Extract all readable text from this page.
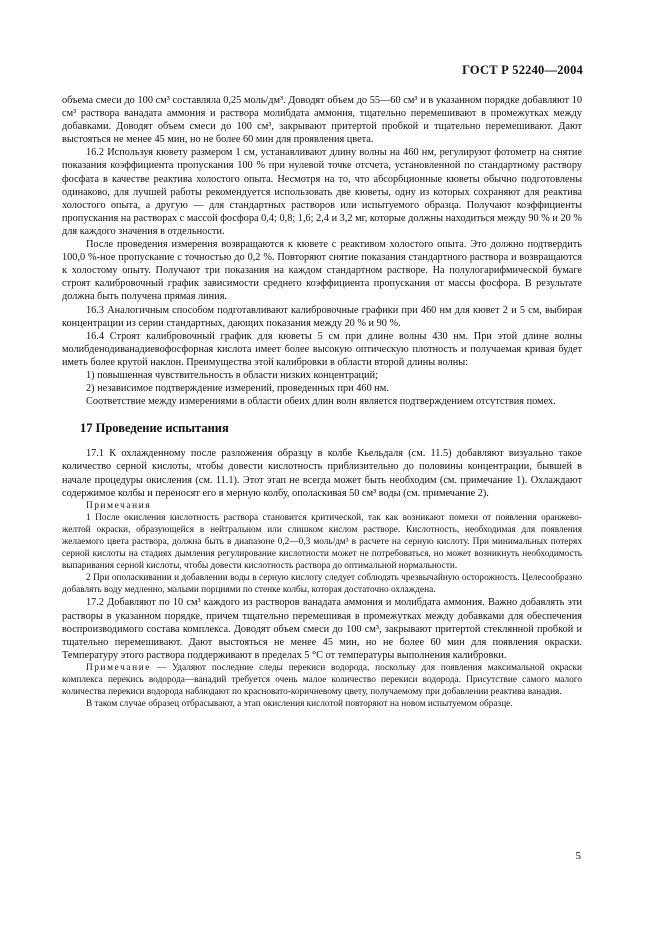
ГОСТ Р 52240—2004

объема смеси до 100 см³ составляла 0,25 моль/дм³. Доводят объем до 55—60 см³ и в указанном порядке добавляют 10 см³ раствора ванадата аммония и раствора молибдата аммония, тщательно перемешивают в промежутках между добавками. Доводят объем смеси до 100 см³, закрывают притертой пробкой и тщательно перемешивают. Дают выстояться не менее 45 мин, но не более 60 мин для проявления цвета.

16.2 Используя кювету размером 1 см, устанавливают длину волны на 460 нм, регулируют фотометр на снятие показания коэффициента пропускания 100 % при нулевой точке отсчета, установленной по стандартному раствору фосфата в качестве реактива холостого опыта. Несмотря на то, что абсорбционные кюветы обычно подготовлены одинаково, для лучшей работы рекомендуется использовать две кюветы, одну из которых сохраняют для реактива холостого опыта, а другую — для стандартных растворов или испытуемого образца. Получают коэффициенты пропускания на растворах с массой фосфора 0,4; 0,8; 1,6; 2,4 и 3,2 мг, которые должны находиться между 90 % и 20 % для каждого значения в отдельности.

После проведения измерения возвращаются к кювете с реактивом холостого опыта. Это должно подтвердить 100,0 %-ное пропускание с точностью до 0,2 %. Повторяют снятие показания стандартного раствора и возвращаются к холостому опыту. Получают три показания на каждом стандартном растворе. На полулогарифмической бумаге строят калибровочный график зависимости среднего коэффициента пропускания от массы фосфора. В результате должна быть получена прямая линия.

16.3 Аналогичным способом подготавливают калибровочные графики при 460 нм для кювет 2 и 5 см, выбирая концентрации из серии стандартных, дающих показания между 20 % и 90 %.

16.4 Строят калибровочный график для кюветы 5 см при длине волны 430 нм. При этой длине волны молибденодиванадиевофосфорная кислота имеет более высокую оптическую плотность и получаемая кривая будет иметь более крутой наклон. Преимущества этой калибровки в области второй длины волны:

1) повышенная чувствительность в области низких концентраций;

2) независимое подтверждение измерений, проведенных при 460 нм.

Соответствие между измерениями в области обеих длин волн является подтверждением отсутствия помех.

17 Проведение испытания

17.1 К охлажденному после разложения образцу в колбе Кьельдаля (см. 11.5) добавляют визуально такое количество серной кислоты, чтобы довести кислотность приблизительно до половины концентрации, бывшей в начале процедуры окисления (см. 11.1). Этот этап не всегда может быть необходим (см. примечание 1). Охлаждают содержимое колбы и переносят его в мерную колбу, ополаскивая 50 см³ воды (см. примечание 2).

Примечания

1 После окисления кислотность раствора становится критической, так как возникают помехи от появления оранжево-желтой окраски, образующейся в нейтральном или слишком кислом растворе. Кислотность, необходимая для появления желаемого цвета раствора, должна быть в диапазоне 0,2—0,3 моль/дм³ в расчете на серную кислоту. При минимальных потерях серной кислоты на стадиях дымления регулирование кислотности может не потребоваться, но может возникнуть необходимость выпаривания серной кислоты, чтобы довести кислотность раствора до оптимальной нормальности.

2 При ополаскивании и добавлении воды в серную кислоту следует соблюдать чрезвычайную осторожность. Целесообразно добавлять воду медленно, малыми порциями по стенке колбы, которая достаточно охлаждена.

17.2 Добавляют по 10 см³ каждого из растворов ванадата аммония и молибдата аммония. Важно добавлять эти растворы в указанном порядке, причем тщательно перемешивая в промежутках между добавками для обеспечения воспроизводимого состава комплекса. Доводят объем смеси до 100 см³, закрывают притертой стеклянной пробкой и тщательно перемешивают. Дают выстояться не менее 45 мин, но не более 60 мин для появления окраски. Температуру этого раствора поддерживают в пределах 5 °С от температуры выполнения калибровки.

Примечание — Удаляют последние следы перекиси водорода, поскольку для появления максимальной окраски комплекса перекись водорода—ванадий требуется очень малое количество перекиси водорода. Присутствие самого малого количества перекиси водорода наблюдают по красновато-коричневому цвету, получаемому при добавлении реактива ванадия.

В таком случае образец отбрасывают, а этап окисления кислотой повторяют на новом испытуемом образце.

5
